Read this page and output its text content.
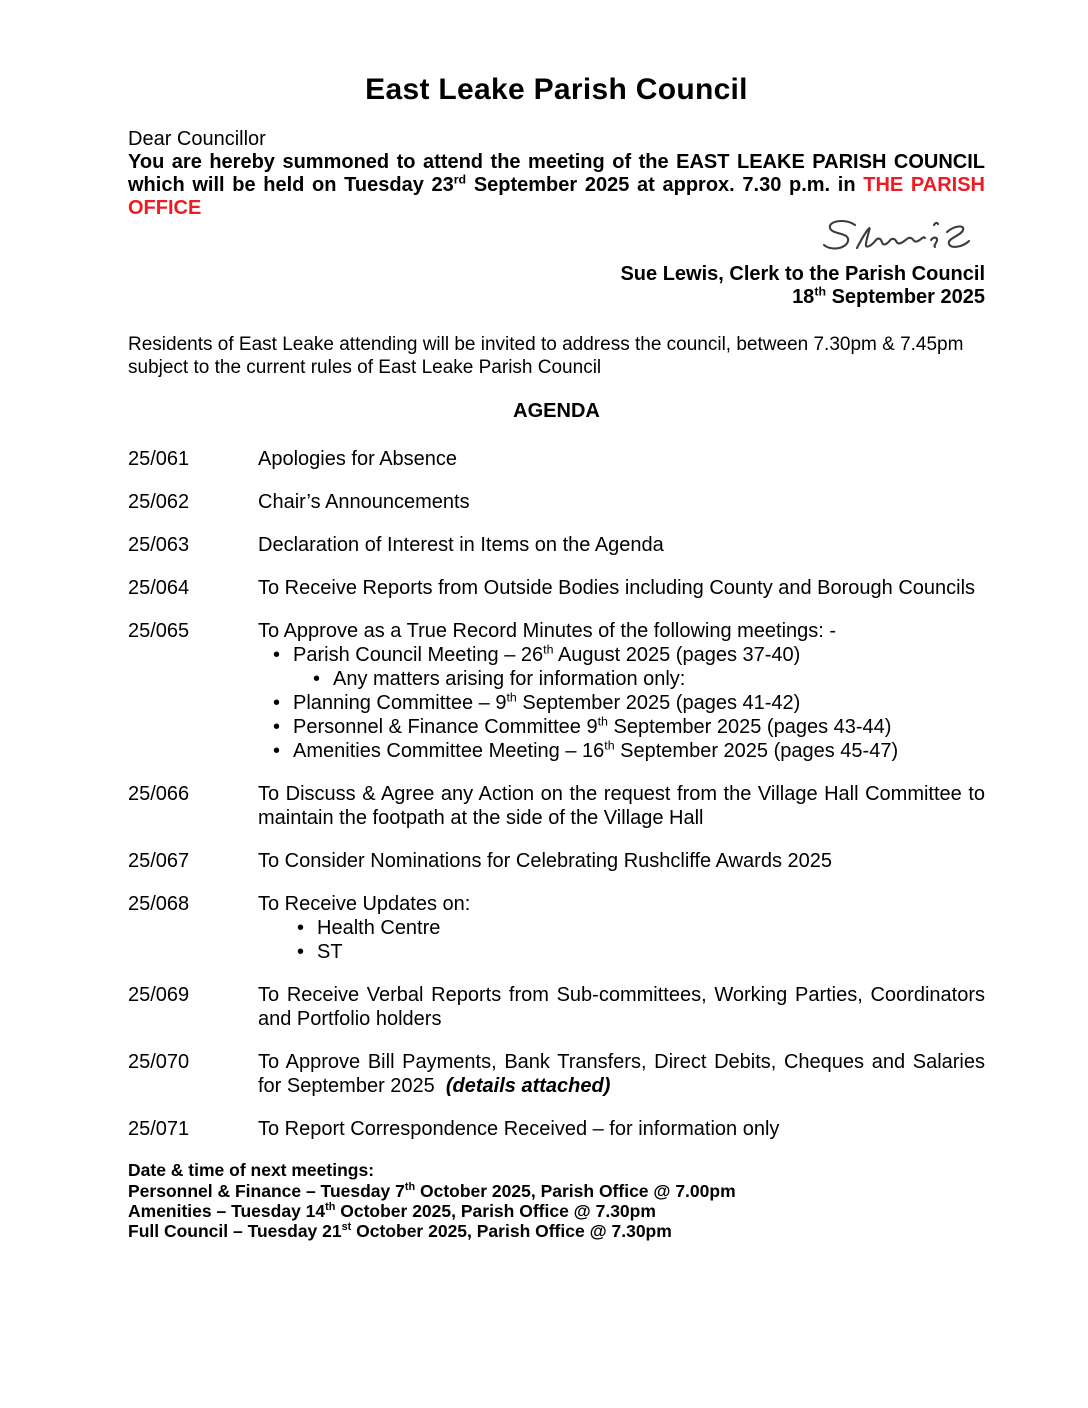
East Leake Parish Council

Dear Councillor

You are hereby summoned to attend the meeting of the EAST LEAKE PARISH COUNCIL which will be held on Tuesday 23rd September 2025 at approx. 7.30 p.m. in THE PARISH OFFICE

Sue Lewis, Clerk to the Parish Council

18th September 2025

Residents of East Leake attending will be invited to address the council, between 7.30pm & 7.45pm subject to the current rules of East Leake Parish Council

AGENDA
25/061	Apologies for Absence
25/062	Chair’s Announcements
25/063	Declaration of Interest in Items on the Agenda
25/064	To Receive Reports from Outside Bodies including County and Borough Councils
25/065	To Approve as a True Record Minutes of the following meetings: -
• Parish Council Meeting – 26th August 2025 (pages 37-40)
• Any matters arising for information only:
• Planning Committee – 9th September 2025 (pages 41-42)
• Personnel & Finance Committee 9th September 2025 (pages 43-44)
• Amenities Committee Meeting – 16th September 2025 (pages 45-47)
25/066	To Discuss & Agree any Action on the request from the Village Hall Committee to maintain the footpath at the side of the Village Hall
25/067	To Consider Nominations for Celebrating Rushcliffe Awards 2025
25/068	To Receive Updates on:
• Health Centre
• ST
25/069	To Receive Verbal Reports from Sub-committees, Working Parties, Coordinators and Portfolio holders
25/070	To Approve Bill Payments, Bank Transfers, Direct Debits, Cheques and Salaries for September 2025  (details attached)
25/071	To Report Correspondence Received – for information only

Date & time of next meetings:

Personnel & Finance – Tuesday 7th October 2025, Parish Office @ 7.00pm

Amenities – Tuesday 14th October 2025, Parish Office @ 7.30pm

Full Council – Tuesday 21st October 2025, Parish Office @ 7.30pm
